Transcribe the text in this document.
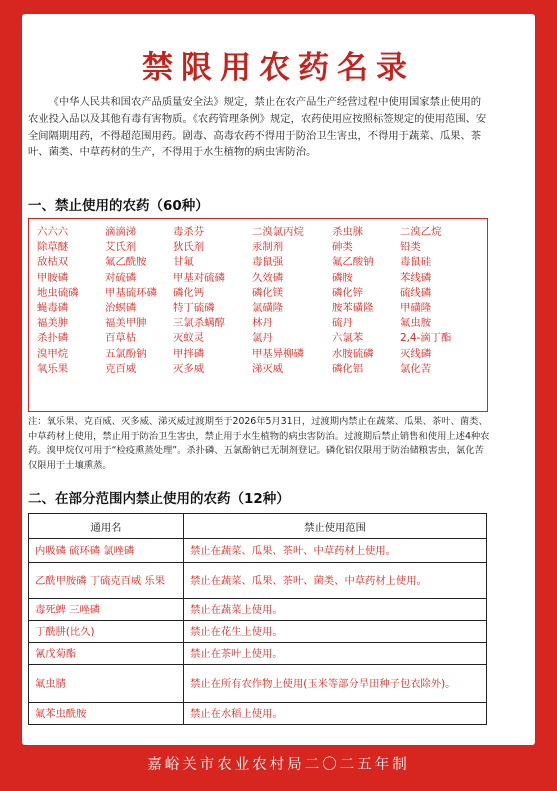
禁限用农药名录
《中华人民共和国农产品质量安全法》规定，禁止在农产品生产经营过程中使用国家禁止使用的农业投入品以及其他有毒有害物质。《农药管理条例》规定，农药使用应按照标签规定的使用范围、安全间隔期用药，不得超范围用药。剧毒、高毒农药不得用于防治卫生害虫，不得用于蔬菜、瓜果、茶叶、菌类、中草药材的生产，不得用于水生植物的病虫害防治。
一、禁止使用的农药（60种）
六六六	滴滴涕	毒杀芬	二溴氯丙烷	杀虫脒	二溴乙烷
除草醚	艾氏剂	狄氏剂	汞制剂	砷类	铅类
敌枯双	氟乙酰胺	甘氟	毒鼠强	氟乙酸钠	毒鼠硅
甲胺磷	对硫磷	甲基对硫磷	久效磷	磷胺	苯线磷
地虫硫磷	甲基硫环磷	磷化钙	磷化镁	磷化锌	硫线磷
蝇毒磷	治螟磷	特丁硫磷	氯磺隆	胺苯磺隆	甲磺隆
福美胂	福美甲胂	三氯杀螨醇	林丹	硫丹	氟虫胺
杀扑磷	百草枯	灭蚁灵	氯丹	六氯苯	2,4-滴丁酯
溴甲烷	五氯酚钠	甲拌磷	甲基异柳磷	水胺硫磷	灭线磷
氧乐果	克百威	灭多威	涕灭威	磷化铝	氯化苦
注：氧乐果、克百威、灭多威、涕灭威过渡期至于2026年5月31日，过渡期内禁止在蔬菜、瓜果、茶叶、菌类、中草药材上使用，禁止用于防治卫生害虫，禁止用于水生植物的病虫害防治。过渡期后禁止销售和使用上述4种农药。溴甲烷仅可用于“检疫熏蒸处理”。杀扑磷、五氯酚钠已无制剂登记。磷化铝仅限用于防治储粮害虫，氯化苦仅限用于土壤熏蒸。
二、在部分范围内禁止使用的农药（12种）
通用名	禁止使用范围
内吸磷 硫环磷 氯唑磷	禁止在蔬菜、瓜果、茶叶、中草药材上使用。
乙酰甲胺磷 丁硫克百威 乐果	禁止在蔬菜、瓜果、茶叶、菌类、中草药材上使用。
毒死蜱 三唑磷	禁止在蔬菜上使用。
丁酰肼(比久)	禁止在花生上使用。
氰戊菊酯	禁止在茶叶上使用。
氟虫腈	禁止在所有农作物上使用(玉米等部分旱田种子包衣除外)。
氟苯虫酰胺	禁止在水稻上使用。
嘉峪关市农业农村局二〇二五年制
